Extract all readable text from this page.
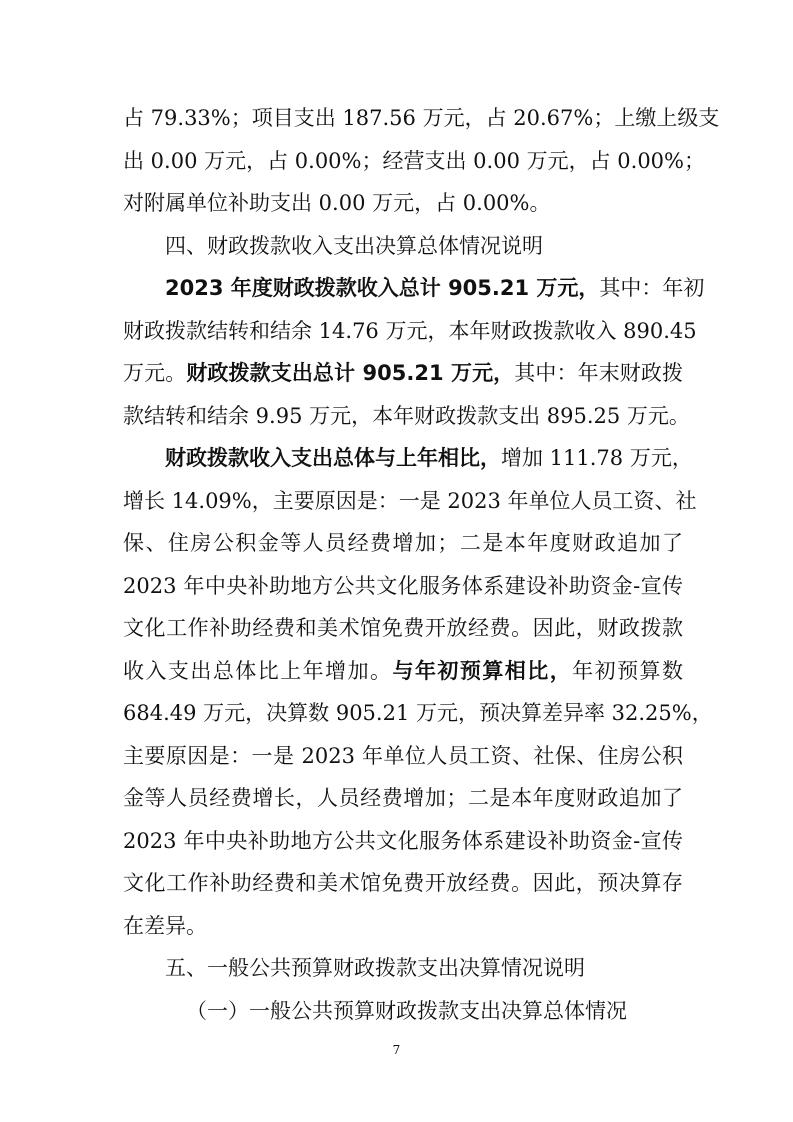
占 79.33%；项目支出 187.56 万元，占 20.67%；上缴上级支
出 0.00 万元，占 0.00%；经营支出 0.00 万元，占 0.00%；
对附属单位补助支出 0.00 万元，占 0.00%。
四、财政拨款收入支出决算总体情况说明
2023 年度财政拨款收入总计 905.21 万元，其中：年初
财政拨款结转和结余 14.76 万元，本年财政拨款收入 890.45
万元。财政拨款支出总计 905.21 万元，其中：年末财政拨
款结转和结余 9.95 万元，本年财政拨款支出 895.25 万元。
财政拨款收入支出总体与上年相比，增加 111.78 万元，
增长 14.09%，主要原因是：一是 2023 年单位人员工资、社
保、住房公积金等人员经费增加；二是本年度财政追加了
2023 年中央补助地方公共文化服务体系建设补助资金-宣传
文化工作补助经费和美术馆免费开放经费。因此，财政拨款
收入支出总体比上年增加。与年初预算相比，年初预算数
684.49 万元，决算数 905.21 万元，预决算差异率 32.25%，
主要原因是：一是 2023 年单位人员工资、社保、住房公积
金等人员经费增长，人员经费增加；二是本年度财政追加了
2023 年中央补助地方公共文化服务体系建设补助资金-宣传
文化工作补助经费和美术馆免费开放经费。因此，预决算存
在差异。
五、一般公共预算财政拨款支出决算情况说明
（一）一般公共预算财政拨款支出决算总体情况
7
